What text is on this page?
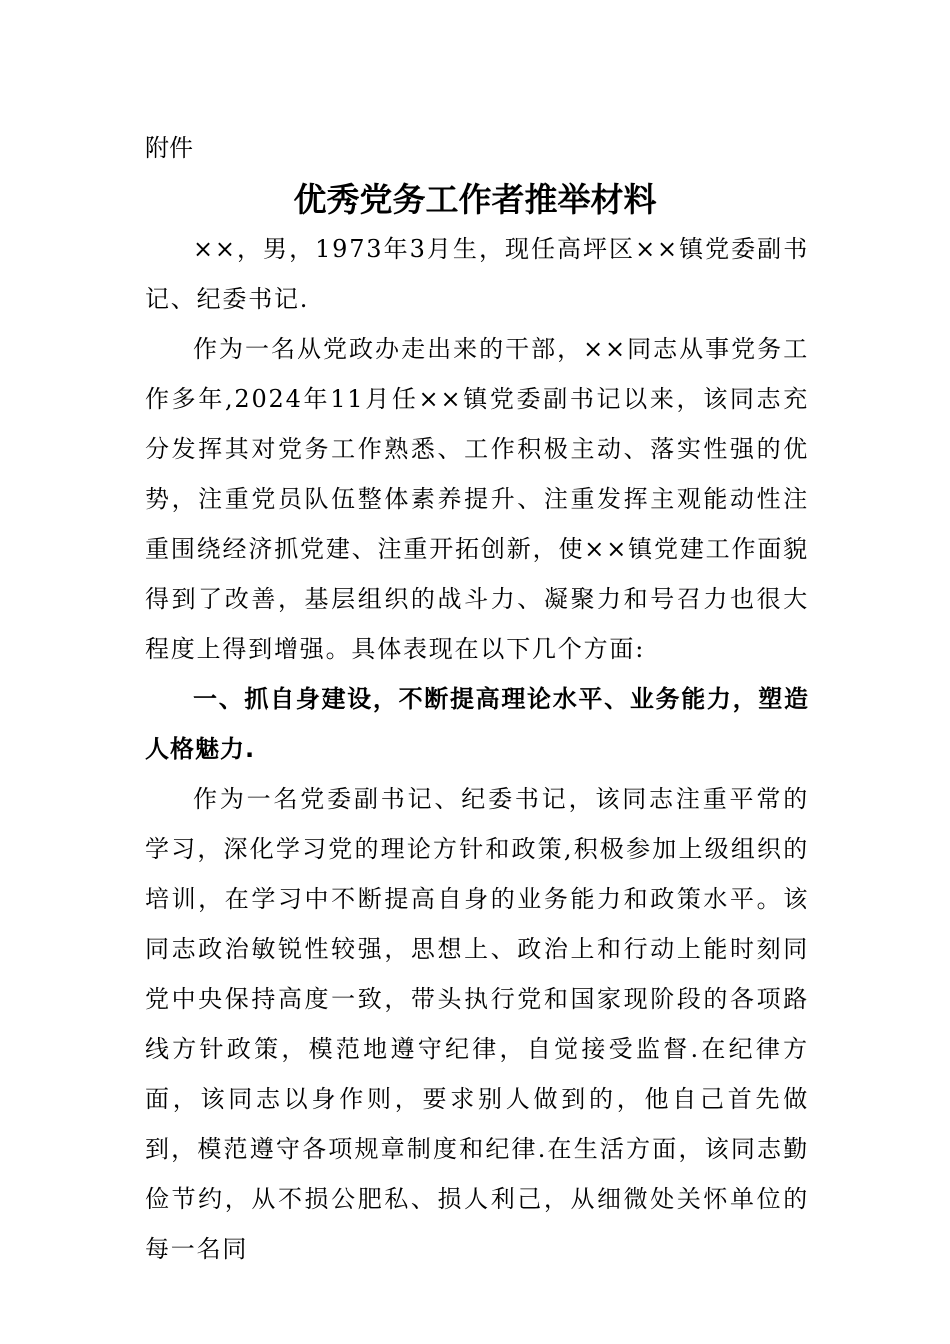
附件

优秀党务工作者推举材料

××，男，1973年3月生，现任高坪区××镇党委副书记、纪委书记.

作为一名从党政办走出来的干部，××同志从事党务工作多年,2024年11月任××镇党委副书记以来，该同志充分发挥其对党务工作熟悉、工作积极主动、落实性强的优势，注重党员队伍整体素养提升、注重发挥主观能动性注重围绕经济抓党建、注重开拓创新，使××镇党建工作面貌得到了改善，基层组织的战斗力、凝聚力和号召力也很大程度上得到增强。具体表现在以下几个方面:

一、抓自身建设，不断提高理论水平、业务能力，塑造人格魅力.

作为一名党委副书记、纪委书记，该同志注重平常的学习，深化学习党的理论方针和政策,积极参加上级组织的培训，在学习中不断提高自身的业务能力和政策水平。该同志政治敏锐性较强，思想上、政治上和行动上能时刻同党中央保持高度一致，带头执行党和国家现阶段的各项路线方针政策，模范地遵守纪律，自觉接受监督.在纪律方面，该同志以身作则，要求别人做到的，他自己首先做到，模范遵守各项规章制度和纪律.在生活方面，该同志勤俭节约，从不损公肥私、损人利己，从细微处关怀单位的每一名同
